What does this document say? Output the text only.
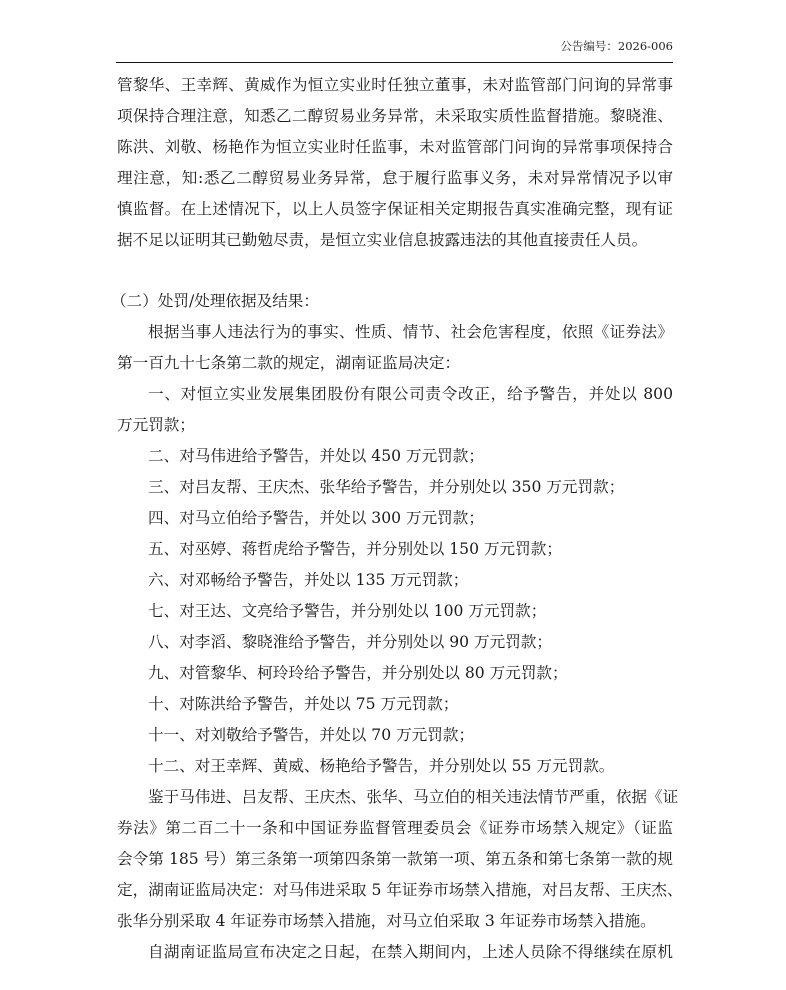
公告编号：2026-006
管黎华、王幸辉、黄威作为恒立实业时任独立董事，未对监管部门问询的异常事
项保持合理注意，知悉乙二醇贸易业务异常，未采取实质性监督措施。黎晓淮、
陈洪、刘敬、杨艳作为恒立实业时任监事，未对监管部门问询的异常事项保持合
理注意，知:悉乙二醇贸易业务异常，怠于履行监事义务，未对异常情况予以审
慎监督。在上述情况下，以上人员签字保证相关定期报告真实准确完整，现有证
据不足以证明其已勤勉尽责，是恒立实业信息披露违法的其他直接责任人员。
（二）处罚/处理依据及结果：
根据当事人违法行为的事实、性质、情节、社会危害程度，依照《证券法》
第一百九十七条第二款的规定，湖南证监局决定：
一、对恒立实业发展集团股份有限公司责令改正，给予警告，并处以 800
万元罚款；
二、对马伟进给予警告，并处以 450 万元罚款；
三、对吕友帮、王庆杰、张华给予警告，并分别处以 350 万元罚款；
四、对马立伯给予警告，并处以 300 万元罚款；
五、对巫婷、蒋哲虎给予警告，并分别处以 150 万元罚款；
六、对邓畅给予警告，并处以 135 万元罚款；
七、对王达、文亮给予警告，并分别处以 100 万元罚款；
八、对李滔、黎晓淮给予警告，并分别处以 90 万元罚款；
九、对管黎华、柯玲玲给予警告，并分别处以 80 万元罚款；
十、对陈洪给予警告，并处以 75 万元罚款；
十一、对刘敬给予警告，并处以 70 万元罚款；
十二、对王幸辉、黄威、杨艳给予警告，并分别处以 55 万元罚款。
鉴于马伟进、吕友帮、王庆杰、张华、马立伯的相关违法情节严重，依据《证
券法》第二百二十一条和中国证券监督管理委员会《证券市场禁入规定》（证监
会令第 185 号）第三条第一项第四条第一款第一项、第五条和第七条第一款的规
定，湖南证监局决定：对马伟进采取 5 年证券市场禁入措施，对吕友帮、王庆杰、
张华分别采取 4 年证券市场禁入措施，对马立伯采取 3 年证券市场禁入措施。
自湖南证监局宣布决定之日起，在禁入期间内，上述人员除不得继续在原机
